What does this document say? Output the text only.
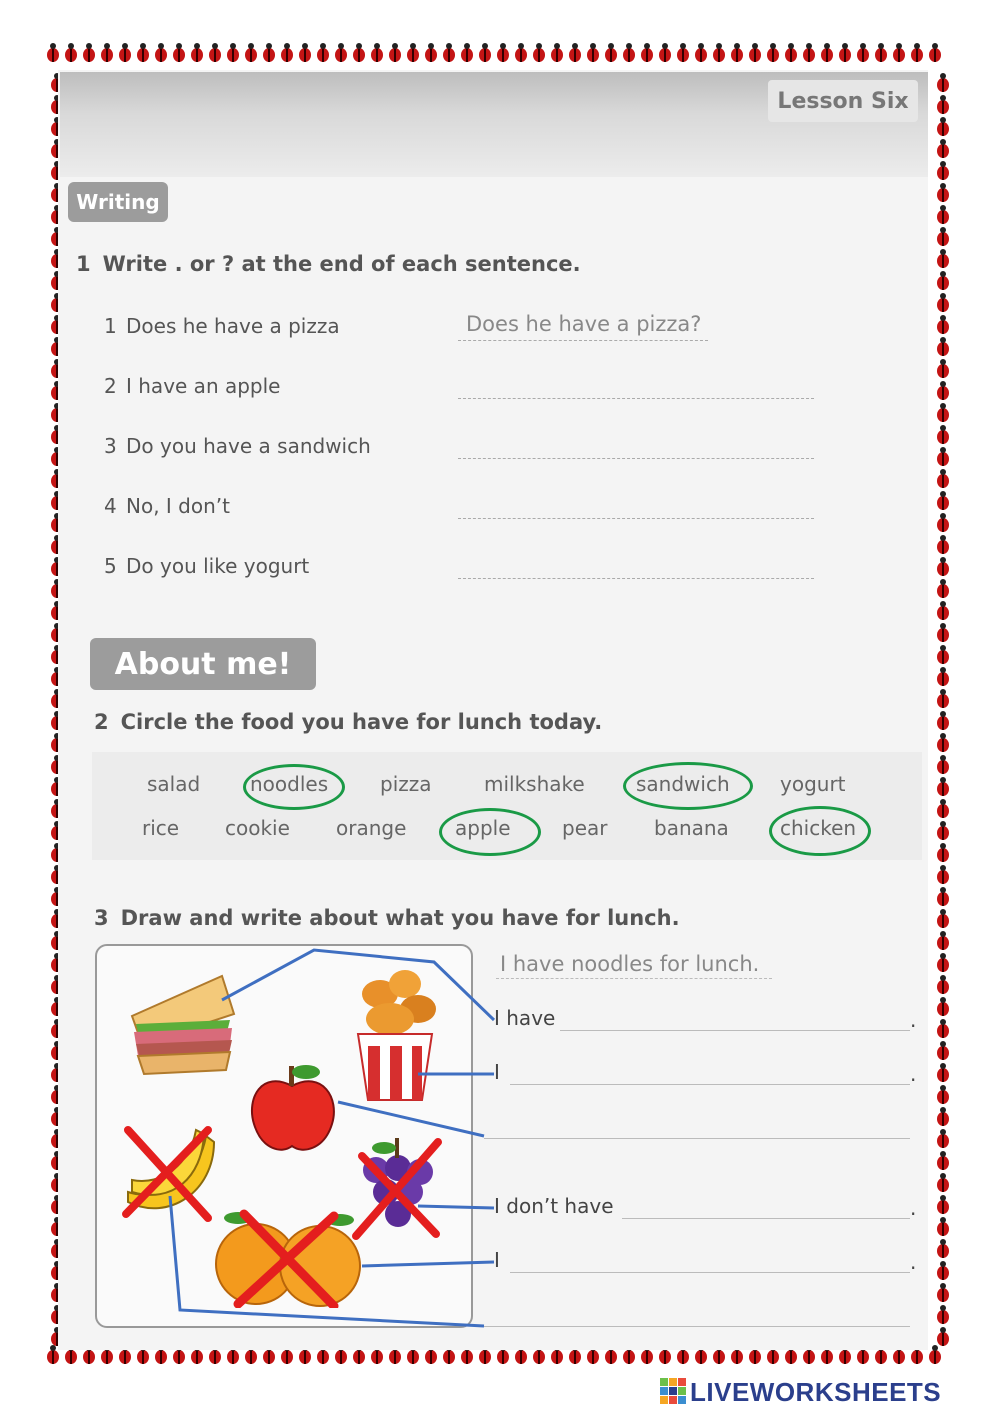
Lesson Six
Writing
1 Write . or ? at the end of each sentence.
1 Does he have a pizza	Does he have a pizza?
2 I have an apple
3 Do you have a sandwich
4 No, I don’t
5 Do you like yogurt
About me!
2 Circle the food you have for lunch today.
salad noodles	pizza	milkshake	sandwich	yogurt
rice cookie orange apple	pear banana	chicken
3 Draw and write about what you have for lunch.
I have noodles for lunch.
I have	.
I	.
I don’t have	.
I	.
LIVEWORKSHEETS
